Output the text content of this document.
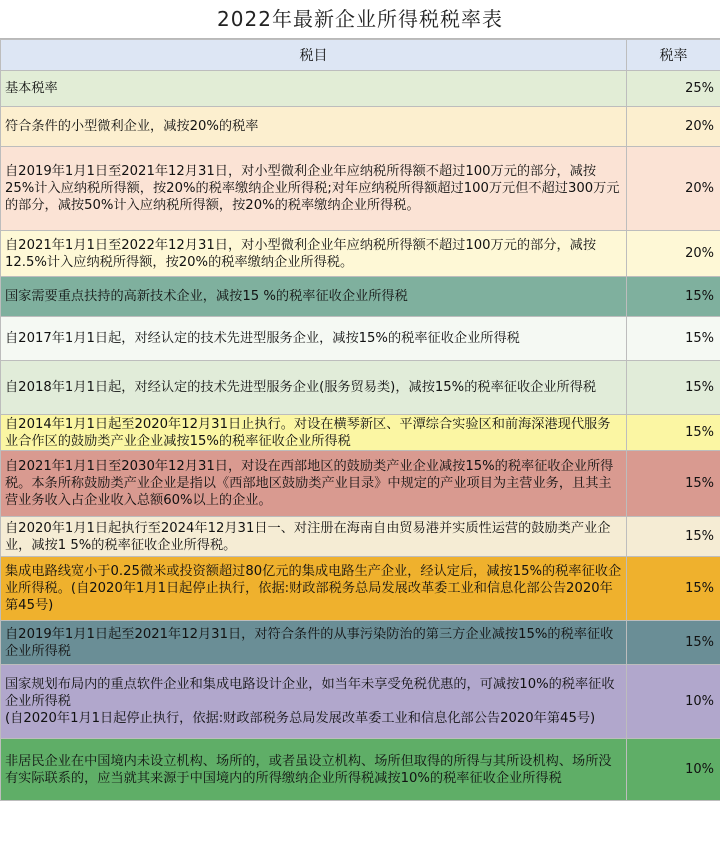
2022年最新企业所得税税率表
税目	税率
基本税率	25%
符合条件的小型微利企业，减按20%的税率	20%
自2019年1月1日至2021年12月31日，对小型微利企业年应纳税所得额不超过100万元的部分，减按25%计入应纳税所得额，按20%的税率缴纳企业所得税;对年应纳税所得额超过100万元但不超过300万元的部分，减按50%计入应纳税所得额，按20%的税率缴纳企业所得税。	20%
自2021年1月1日至2022年12月31日，对小型微利企业年应纳税所得额不超过100万元的部分，减按12.5%计入应纳税所得额，按20%的税率缴纳企业所得税。	20%
国家需要重点扶持的高新技术企业，减按15 %的税率征收企业所得税	15%
自2017年1月1日起，对经认定的技术先进型服务企业，减按15%的税率征收企业所得税	15%
自2018年1月1日起，对经认定的技术先进型服务企业(服务贸易类)，减按15%的税率征收企业所得税	15%
自2014年1月1日起至2020年12月31日止执行。对设在横琴新区、平潭综合实验区和前海深港现代服务业合作区的鼓励类产业企业减按15%的税率征收企业所得税	15%
自2021年1月1日至2030年12月31日，对设在西部地区的鼓励类产业企业减按15%的税率征收企业所得税。本条所称鼓励类产业企业是指以《西部地区鼓励类产业目录》中规定的产业项目为主营业务，且其主营业务收入占企业收入总额60%以上的企业。	15%
自2020年1月1日起执行至2024年12月31日一、对注册在海南自由贸易港并实质性运营的鼓励类产业企业，减按1 5%的税率征收企业所得税。	15%
集成电路线宽小于0.25微米或投资额超过80亿元的集成电路生产企业，经认定后，减按15%的税率征收企业所得税。(自2020年1月1日起停止执行，依据:财政部税务总局发展改革委工业和信息化部公告2020年第45号)	15%
自2019年1月1日起至2021年12月31日，对符合条件的从事污染防治的第三方企业减按15%的税率征收企业所得税	15%
国家规划布局内的重点软件企业和集成电路设计企业，如当年未享受免税优惠的，可减按10%的税率征收企业所得税
(自2020年1月1日起停止执行，依据:财政部税务总局发展改革委工业和信息化部公告2020年第45号)	10%
非居民企业在中国境内未设立机构、场所的，或者虽设立机构、场所但取得的所得与其所设机构、场所没有实际联系的，应当就其来源于中国境内的所得缴纳企业所得税减按10%的税率征收企业所得税	10%
爱创根知识网
